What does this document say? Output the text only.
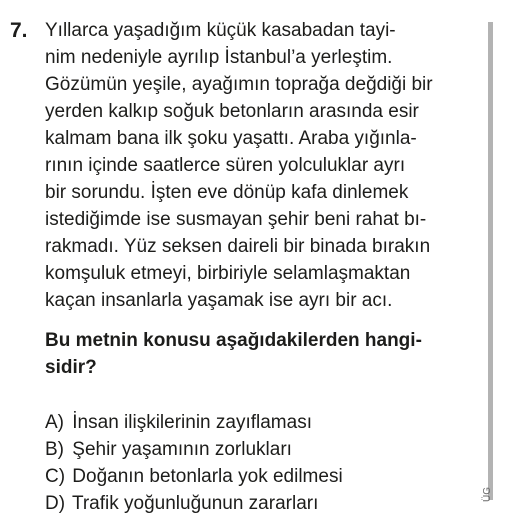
7. Yıllarca yaşadığım küçük kasabadan tayi-
nim nedeniyle ayrılıp İstanbul’a yerleştim.
Gözümün yeşile, ayağımın toprağa değdiği bir
yerden kalkıp soğuk betonların arasında esir
kalmam bana ilk şoku yaşattı. Araba yığınla-
rının içinde saatlerce süren yolculuklar ayrı
bir sorundu. İşten eve dönüp kafa dinlemek
istediğimde ise susmayan şehir beni rahat bı-
rakmadı. Yüz seksen daireli bir binada bırakın
komşuluk etmeyi, birbiriyle selamlaşmaktan
kaçan insanlarla yaşamak ise ayrı bir acı.
Bu metnin konusu aşağıdakilerden hangi-
sidir?
A) İnsan ilişkilerinin zayıflaması
B) Şehir yaşamının zorlukları
C) Doğanın betonlarla yok edilmesi
D) Trafik yoğunluğunun zararları	ÜG
